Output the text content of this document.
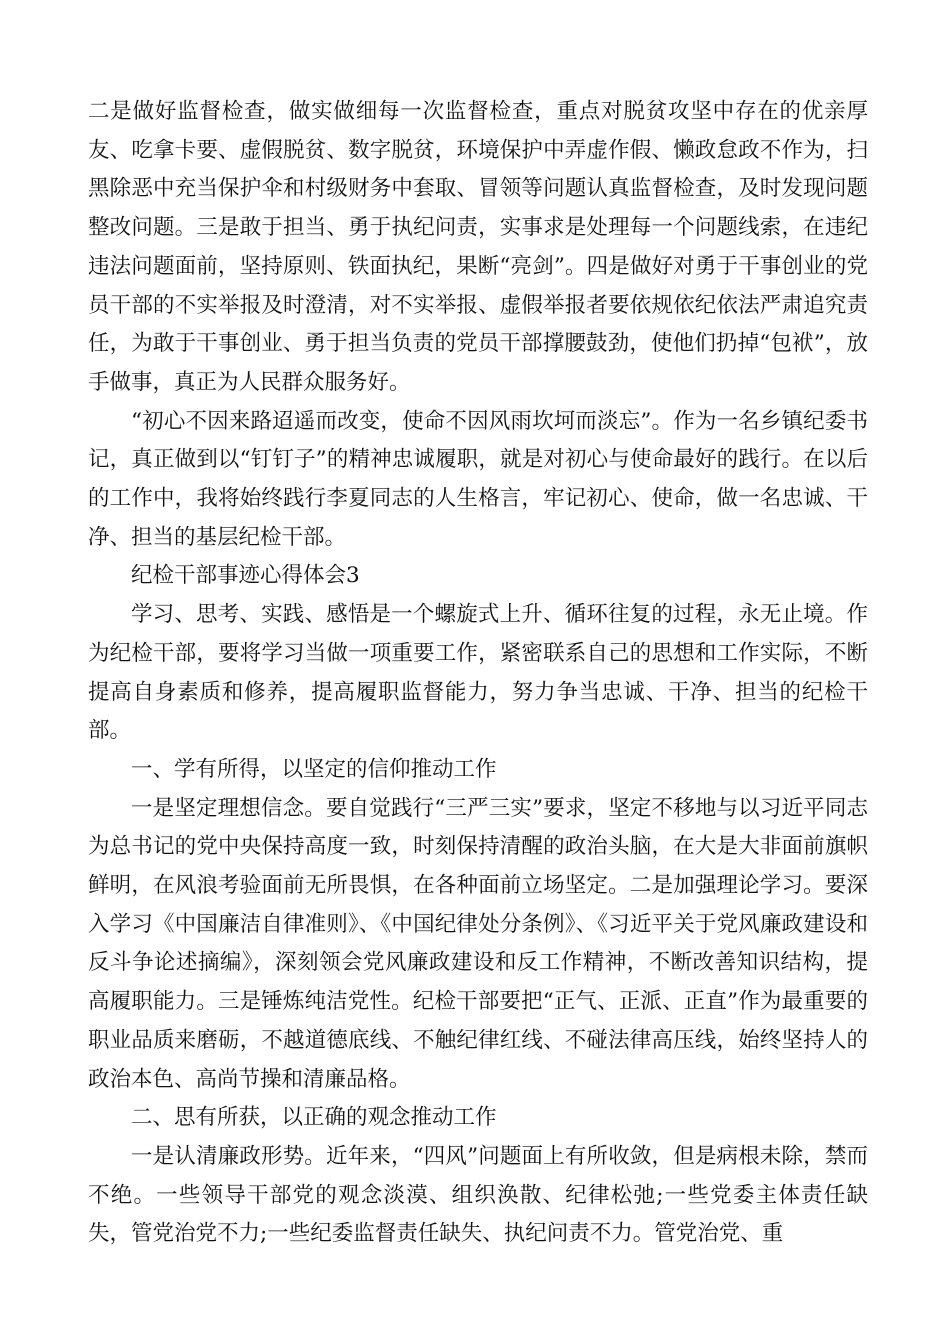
二是做好监督检查，做实做细每一次监督检查，重点对脱贫攻坚中存在的优亲厚友、吃拿卡要、虚假脱贫、数字脱贫，环境保护中弄虚作假、懒政怠政不作为，扫黑除恶中充当保护伞和村级财务中套取、冒领等问题认真监督检查，及时发现问题整改问题。三是敢于担当、勇于执纪问责，实事求是处理每一个问题线索，在违纪违法问题面前，坚持原则、铁面执纪，果断“亮剑”。四是做好对勇于干事创业的党员干部的不实举报及时澄清，对不实举报、虚假举报者要依规依纪依法严肃追究责任，为敢于干事创业、勇于担当负责的党员干部撑腰鼓劲，使他们扔掉“包袱”，放手做事，真正为人民群众服务好。

“初心不因来路迢遥而改变，使命不因风雨坎坷而淡忘”。作为一名乡镇纪委书记，真正做到以“钉钉子”的精神忠诚履职，就是对初心与使命最好的践行。在以后的工作中，我将始终践行李夏同志的人生格言，牢记初心、使命，做一名忠诚、干净、担当的基层纪检干部。

纪检干部事迹心得体会3

学习、思考、实践、感悟是一个螺旋式上升、循环往复的过程，永无止境。作为纪检干部，要将学习当做一项重要工作，紧密联系自己的思想和工作实际，不断提高自身素质和修养，提高履职监督能力，努力争当忠诚、干净、担当的纪检干部。

一、学有所得，以坚定的信仰推动工作

一是坚定理想信念。要自觉践行“三严三实”要求，坚定不移地与以习近平同志为总书记的党中央保持高度一致，时刻保持清醒的政治头脑，在大是大非面前旗帜鲜明，在风浪考验面前无所畏惧，在各种面前立场坚定。二是加强理论学习。要深入学习《中国廉洁自律准则》、《中国纪律处分条例》、《习近平关于党风廉政建设和反斗争论述摘编》，深刻领会党风廉政建设和反工作精神，不断改善知识结构，提高履职能力。三是锤炼纯洁党性。纪检干部要把“正气、正派、正直”作为最重要的职业品质来磨砺，不越道德底线、不触纪律红线、不碰法律高压线，始终坚持人的政治本色、高尚节操和清廉品格。

二、思有所获，以正确的观念推动工作

一是认清廉政形势。近年来，“四风”问题面上有所收敛，但是病根未除，禁而不绝。一些领导干部党的观念淡漠、组织涣散、纪律松弛;一些党委主体责任缺失，管党治党不力;一些纪委监督责任缺失、执纪问责不力。管党治党、重
